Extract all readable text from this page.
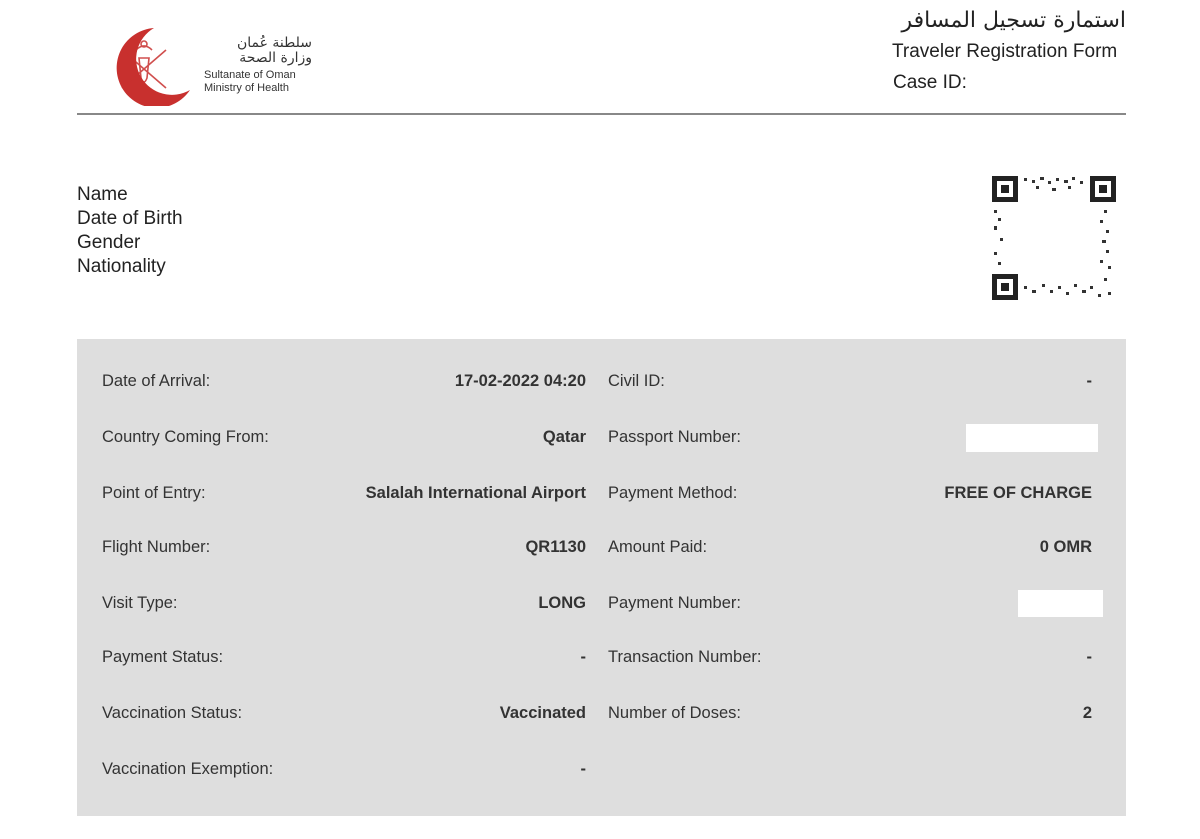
سلطنة عُمان
وزارة الصحة
Sultanate of Oman
Ministry of Health
استمارة تسجيل المسافر
Traveler Registration Form
Case ID:
Name
Date of Birth
Gender
Nationality
Date of Arrival:	17-02-2022 04:20
Country Coming From:	Qatar
Point of Entry:	Salalah International Airport
Flight Number:	QR1130
Visit Type:	LONG
Payment Status:	-
Vaccination Status:	Vaccinated
Vaccination Exemption:	-
Civil ID:	-
Passport Number:
Payment Method:	FREE OF CHARGE
Amount Paid:	0 OMR
Payment Number:
Transaction Number:	-
Number of Doses:	2
